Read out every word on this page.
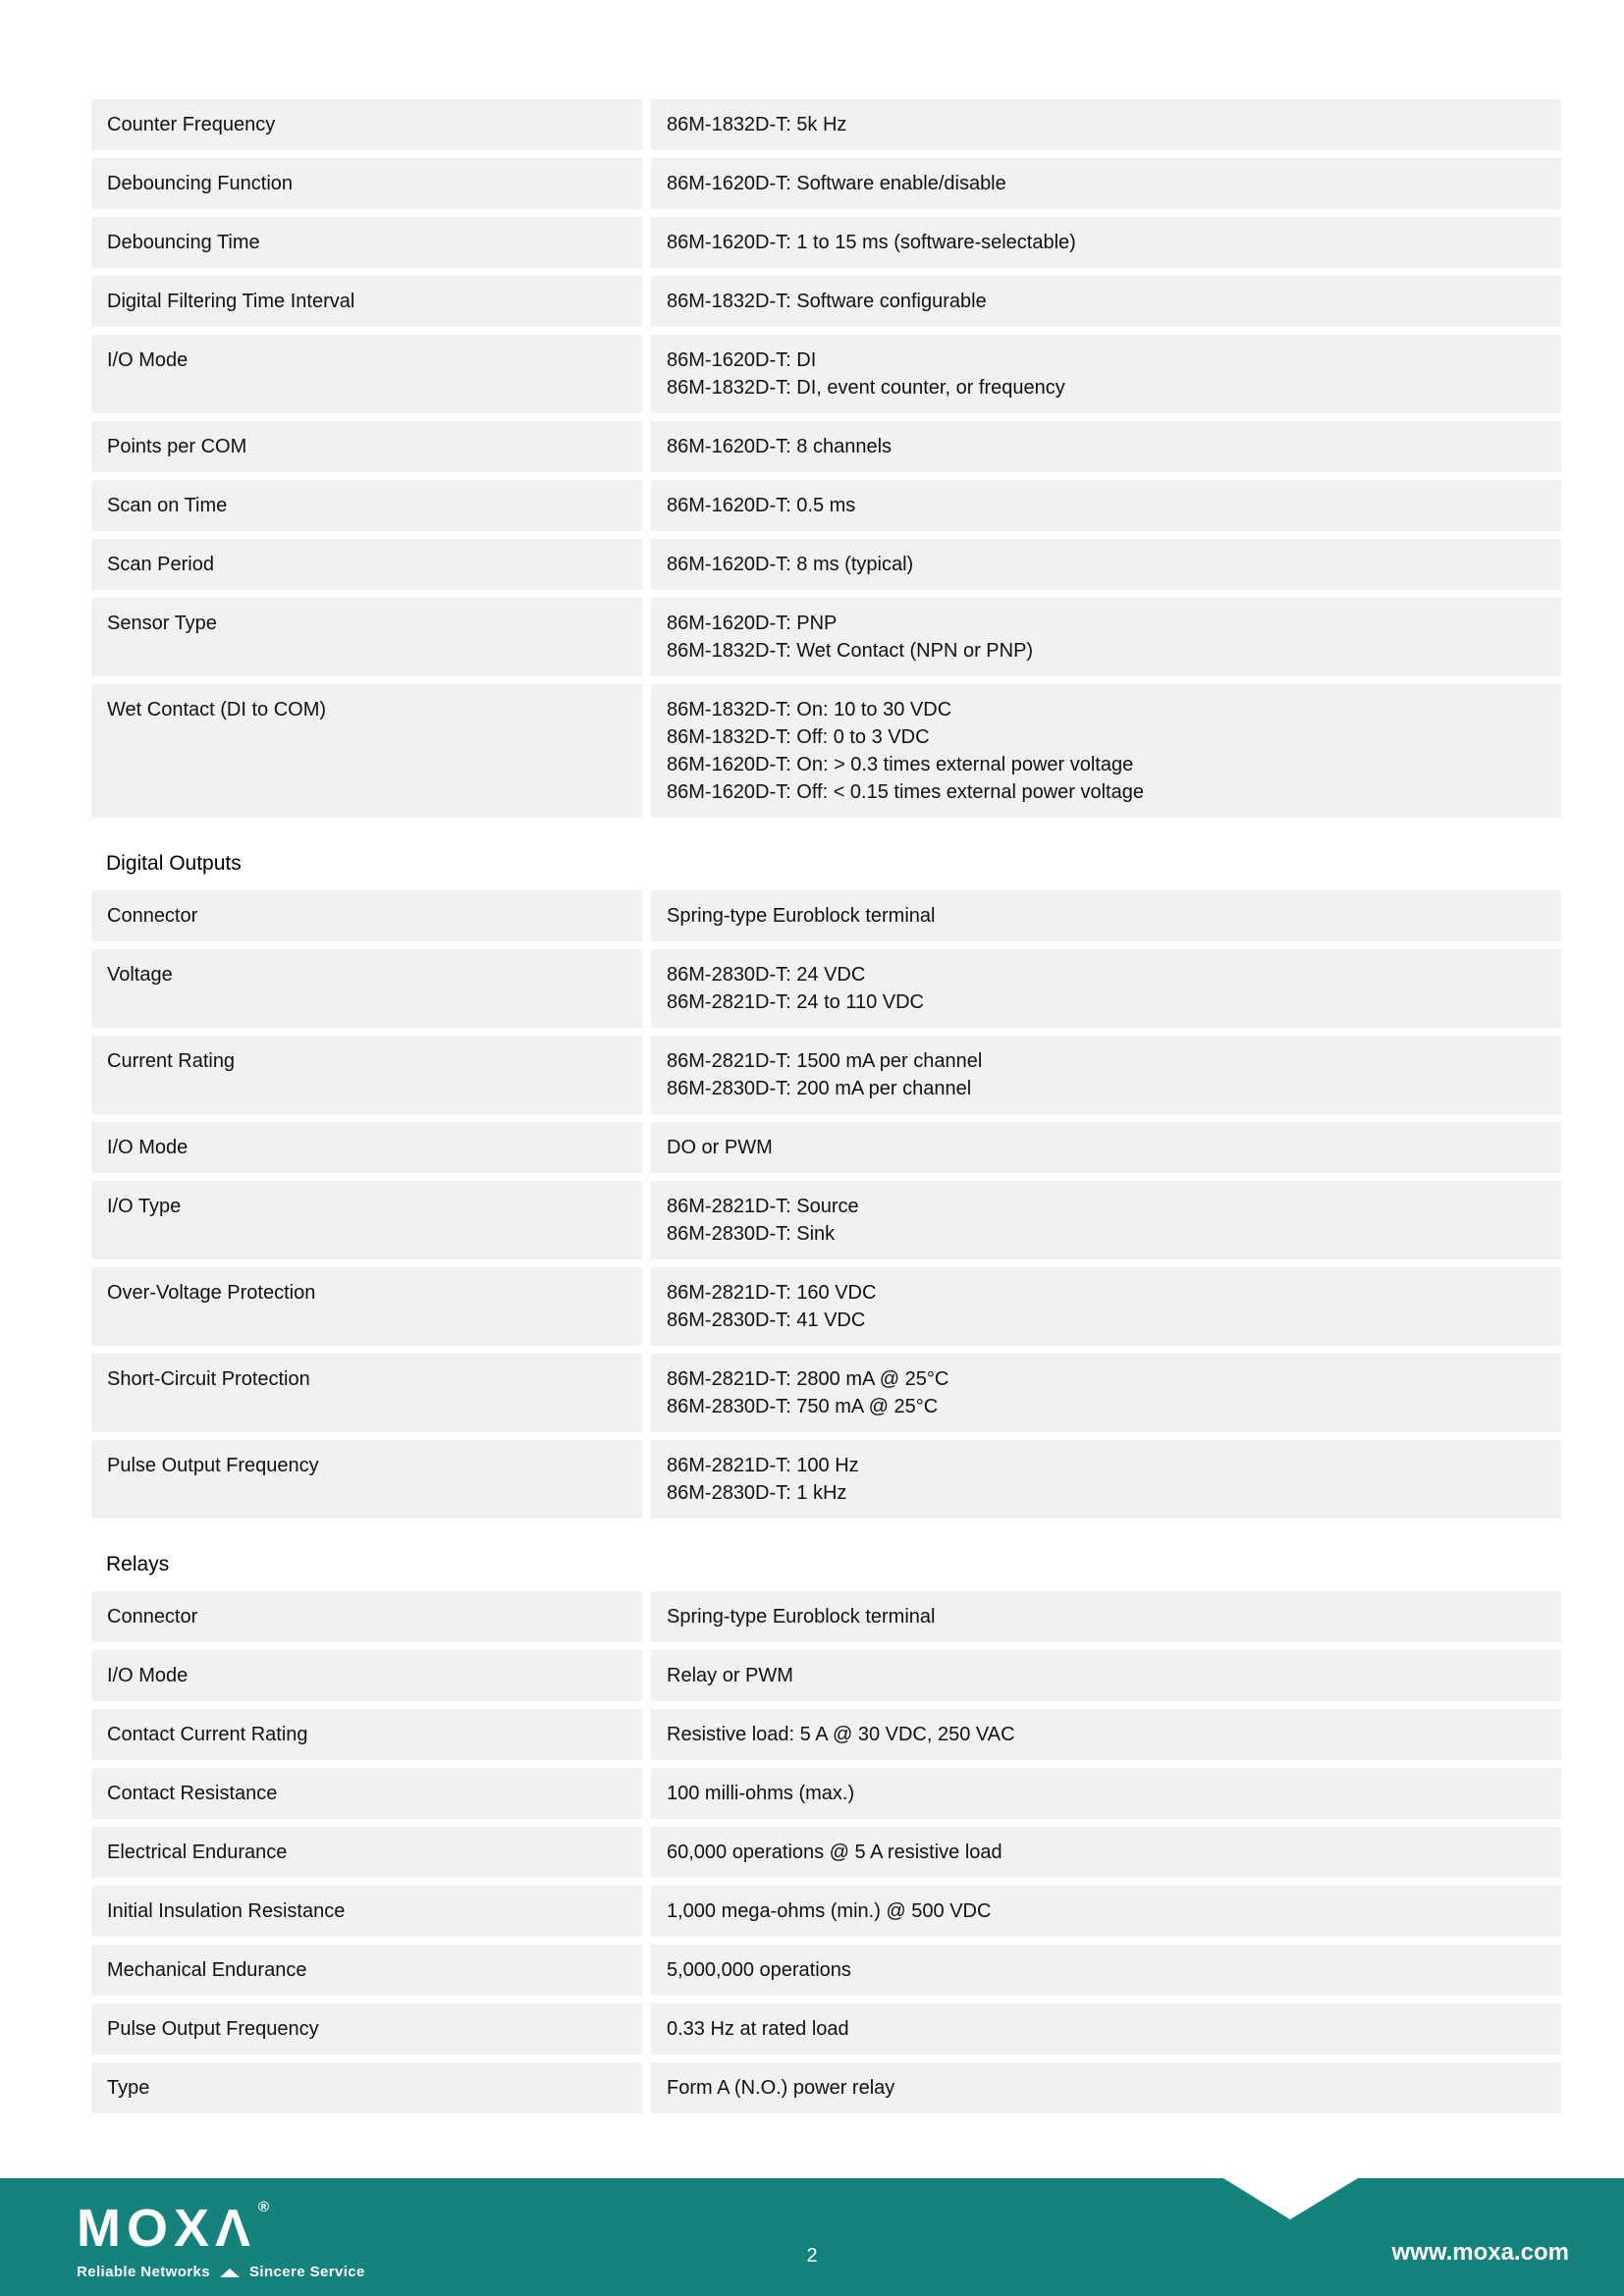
Counter Frequency	86M-1832D-T: 5k Hz
Debouncing Function	86M-1620D-T: Software enable/disable
Debouncing Time	86M-1620D-T: 1 to 15 ms (software-selectable)
Digital Filtering Time Interval	86M-1832D-T: Software configurable
I/O Mode	86M-1620D-T: DI
86M-1832D-T: DI, event counter, or frequency
Points per COM	86M-1620D-T: 8 channels
Scan on Time	86M-1620D-T: 0.5 ms
Scan Period	86M-1620D-T: 8 ms (typical)
Sensor Type	86M-1620D-T: PNP
86M-1832D-T: Wet Contact (NPN or PNP)
Wet Contact (DI to COM)	86M-1832D-T: On: 10 to 30 VDC
86M-1832D-T: Off: 0 to 3 VDC
86M-1620D-T: On: > 0.3 times external power voltage
86M-1620D-T: Off: < 0.15 times external power voltage
Digital Outputs
Connector	Spring-type Euroblock terminal
Voltage	86M-2830D-T: 24 VDC
86M-2821D-T: 24 to 110 VDC
Current Rating	86M-2821D-T: 1500 mA per channel
86M-2830D-T: 200 mA per channel
I/O Mode	DO or PWM
I/O Type	86M-2821D-T: Source
86M-2830D-T: Sink
Over-Voltage Protection	86M-2821D-T: 160 VDC
86M-2830D-T: 41 VDC
Short-Circuit Protection	86M-2821D-T: 2800 mA @ 25°C
86M-2830D-T: 750 mA @ 25°C
Pulse Output Frequency	86M-2821D-T: 100 Hz
86M-2830D-T: 1 kHz
Relays
Connector	Spring-type Euroblock terminal
I/O Mode	Relay or PWM
Contact Current Rating	Resistive load: 5 A @ 30 VDC, 250 VAC
Contact Resistance	100 milli-ohms (max.)
Electrical Endurance	60,000 operations @ 5 A resistive load
Initial Insulation Resistance	1,000 mega-ohms (min.) @ 500 VDC
Mechanical Endurance	5,000,000 operations
Pulse Output Frequency	0.33 Hz at rated load
Type	Form A (N.O.) power relay
MOXΛ ®
Reliable Networks	Sincere Service
2	www.moxa.com
